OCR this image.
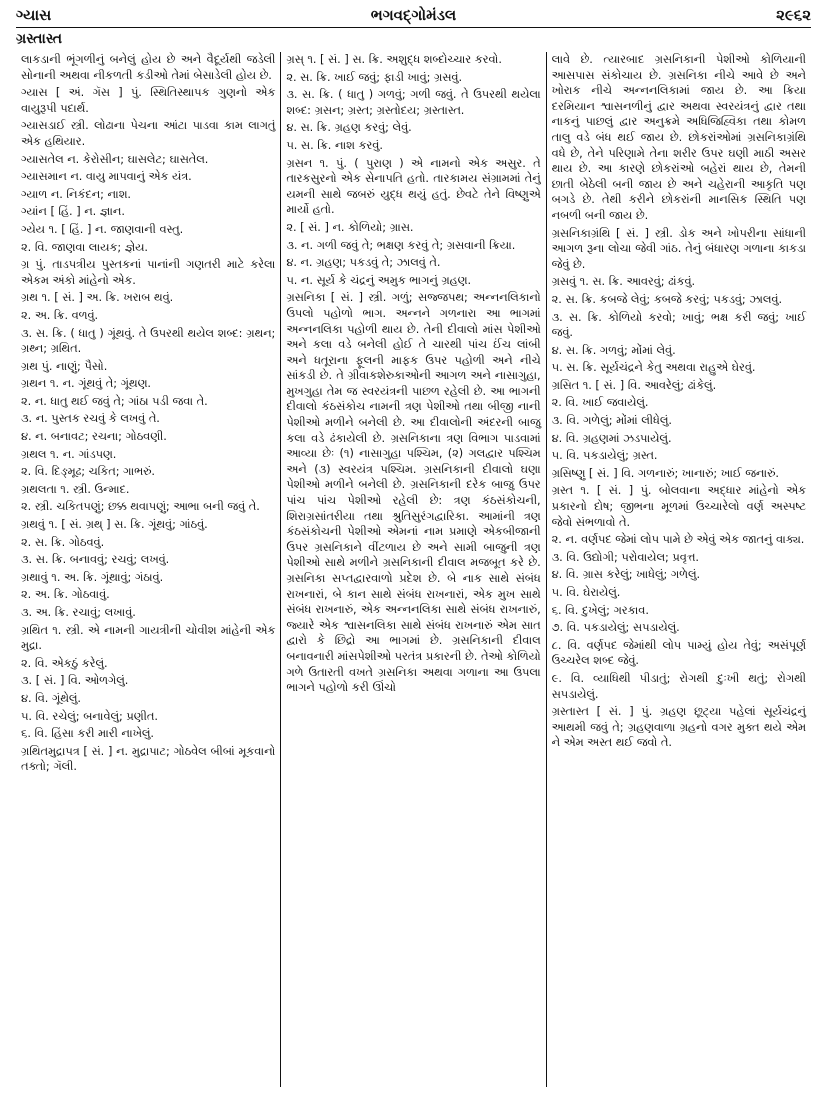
ગ્યાસ	ભગવદ્ગોમંડલ	૨૯૬૨
ગ્રસ્તાસ્ત

લાકડાની ભૂંગળીનું બનેલું હોય છે અને વૈદૂર્યથી જડેલી સોનાની અથવા નીકળતી કડીઓ તેમાં બેસાડેલી હોય છે.

ગ્યાસ [ અં. ગૅસ ] પું. સ્થિતિસ્થાપક ગુણનો એક વાયુરૂપી પદાર્થ.

ગ્યાસડાઈ સ્ત્રી. લોઢાના પેચના આંટા પાડવા કામ લાગતું એક હથિયાર.

ગ્યાસતેલ ન. કેરોસીન; ઘાસલેટ; ઘાસતેલ.

ગ્યાસમાન ન. વાયુ માપવાનું એક યંત્ર.

ગ્યાળ ન. નિકંદન; નાશ.

ગ્યાંન [ હિં. ] ન. જ્ઞાન.

ગ્યેય ૧. [ હિં. ] ન. જાણવાની વસ્તુ.

૨. વિ. જાણવા લાયક; જ્ઞેય.

ગ્ર પું. તાડપત્રીય પુસ્તકનાં પાનાંની ગણતરી માટે કરેલા એકમ અંકો માંહેનો એક.

ગ્રથ ૧. [ સં. ] અ. ક્રિ. ખરાબ થવું.

૨. અ. ક્રિ. વળવું.

૩. સ. ક્રિ. ( ધાતુ ) ગૂંથવું. તે ઉપરથી થયેલ શબ્દ: ગ્રથન; ગ્રથ્ન; ગ્રથિત.

ગ્રથ પું. નાણું; પૈસો.

ગ્રથન ૧. ન. ગૂંથવું તે; ગૂંથણ.

૨. ન. ધાતુ થઈ જવું તે; ગાંઠા પડી જવા તે.

૩. ન. પુસ્તક રચવું કે લખવું તે.

૪. ન. બનાવટ; રચના; ગોઠવણી.

ગ્રથલ ૧. ન. ગાંડપણ.

૨. વિ. દિઙ્મૂઢ; ચકિત; ગાભરું.

ગ્રથલતા ૧. સ્ત્રી. ઉન્માદ.

૨. સ્ત્રી. ચકિતપણું; છક્ક થવાપણું; આભા બની જવું તે.

ગ્રથવું ૧. [ સં. ગ્રથ્ ] સ. ક્રિ. ગૂંથવું; ગાંઠવું.

૨. સ. ક્રિ. ગોઠવવું.

૩. સ. ક્રિ. બનાવવું; રચવું; લખવું.

ગ્રથાવું ૧. અ. ક્રિ. ગૂંથાવું; ગંઠાવું.

૨. અ. ક્રિ. ગોઠવાવું.

૩. અ. ક્રિ. રચાવું; લખાવું.

ગ્રથિત ૧. સ્ત્રી. એ નામની ગાયત્રીની ચોવીશ માંહેની એક મુદ્રા.

૨. વિ. એકઠું કરેલું.

૩. [ સં. ] વિ. ઓળગેલું.

૪. વિ. ગૂંથેલું.

૫. વિ. રચેલું; બનાવેલું; પ્રણીત.

૬. વિ. હિંસા કરી મારી નાખેલું.

ગ્રથિતમુદ્રાપત્ર [ સં. ] ન. મુદ્રાપાટ; ગોઠવેલ બીબાં મૂકવાનો તક્તો; ગૅલી.

ગ્રસ્ ૧. [ સં. ] સ. ક્રિ. અશુદ્ધ શબ્દોચ્ચાર કરવો.

૨. સ. ક્રિ. ખાઈ જવું; ફાડી ખાવું; ગ્રસવું.

૩. સ. ક્રિ. ( ધાતુ ) ગળવું; ગળી જવું. તે ઉપરથી થયેલા શબ્દ: ગ્રસન; ગ્રસ્ત; ગ્રસ્તોદય; ગ્રસ્તાસ્ત.

૪. સ. ક્રિ. ગ્રહણ કરવું; લેવું.

૫. સ. ક્રિ. નાશ કરવું.

ગ્રસન ૧. પું. ( પુરાણ ) એ નામનો એક અસુર. તે તારકસુરનો એક સેનાપતિ હતો. તારકામય સંગ્રામમાં તેનું યમની સાથે જબરું યુદ્ધ થયું હતું. છેવટે તેને વિષ્ણુએ માર્યો હતો.

૨. [ સં. ] ન. કોળિયો; ગ્રાસ.

૩. ન. ગળી જવું તે; ભક્ષણ કરવું તે; ગ્રસવાની ક્રિયા.

૪. ન. ગ્રહણ; પકડવું તે; ઝાલવું તે.

૫. ન. સૂર્ય કે ચંદ્રનું અમુક ભાગનું ગ્રહણ.

ગ્રસનિકા [ સં. ] સ્ત્રી. ગળું; સજ્જપથ; અન્નનલિકાનો ઉપલો પહોળો ભાગ. અન્નને ગળનારા આ ભાગમાં અન્નનલિકા પહોળી થાય છે. તેની દીવાલો માંસ પેશીઓ અને કલા વડે બનેલી હોઈ તે ચારથી પાંચ ઈંચ લાંબી અને ધતૂરાના ફૂલની માફક ઉપર પહોળી અને નીચે સાંકડી છે. તે ગ્રીવાકશેરુકાઓની આગળ અને નાસાગુહા, મુખગુહા તેમ જ સ્વરયંત્રની પાછળ રહેલી છે. આ ભાગની દીવાલો કંઠસંકોચ નામની ત્રણ પેશીઓ તથા બીજી નાની પેશીઓ મળીને બનેલી છે. આ દીવાલોની અંદરની બાજુ કલા વડે ઢંકાયેલી છે. ગ્રસનિકાના ત્રણ વિભાગ પાડવામાં આવ્યા છેઃ (૧) નાસાગુહા પશ્ચિમ, (૨) ગલદ્વાર પશ્ચિમ અને (૩) સ્વરયંત્ર પશ્ચિમ. ગ્રસનિકાની દીવાલો ઘણા પેશીઓ મળીને બનેલી છે. ગ્રસનિકાની દરેક બાજુ ઉપર પાંચ પાંચ પેશીઓ રહેલી છે: ત્રણ કંઠસંકોચની, શિરાગ્રસાંતરીયા તથા શ્રુતિસુરંગદ્વારિકા. આમાંની ત્રણ કંઠસંકોચની પેશીઓ એમનાં નામ પ્રમાણે એકબીજાની ઉપર ગ્રસનિકાને વીંટળાય છે અને સામી બાજુની ત્રણ પેશીઓ સાથે મળીને ગ્રસનિકાની દીવાલ મજબૂત કરે છે. ગ્રસનિકા સપ્તદ્વારવાળો પ્રદેશ છે. બે નાક સાથે સંબંધ રાખનારાં, બે કાન સાથે સંબંધ રાખનારાં, એક મુખ સાથે સંબંધ રાખનારું, એક અન્નનલિકા સાથે સંબંધ રાખનારું, જ્યારે એક શ્વાસનલિકા સાથે સંબંધ રાખનારું એમ સાત દ્વારો કે છિદ્રો આ ભાગમાં છે. ગ્રસનિકાની દીવાલ બનાવનારી માંસપેશીઓ પરતંત્ર પ્રકારની છે. તેઓ કોળિયો ગળે ઉતારતી વખતે ગ્રસનિકા અથવા ગળાના આ ઉપલા ભાગને પહોળો કરી ઊંચો

લાવે છે. ત્યારબાદ ગ્રસનિકાની પેશીઓ કોળિયાની આસપાસ સંકોચાય છે. ગ્રસનિકા નીચે આવે છે અને ખોરાક નીચે અન્નનલિકામાં જાય છે. આ ક્રિયા દરમિયાન શ્વાસનળીનું દ્વાર અથવા સ્વરયંત્રનું દ્વાર તથા નાકનું પાછલું દ્વાર અનુક્રમે અધિજિહ્વિકા તથા કોમળ તાલુ વડે બંધ થઈ જાય છે. છોકરાંઓમાં ગ્રસનિકાગ્રંથિ વધે છે, તેને પરિણામે તેના શરીર ઉપર ઘણી માઠી અસર થાય છે. આ કારણે છોકરાંઓ બહેરાં થાય છે, તેમની છાતી બેઠેલી બની જાય છે અને ચહેરાની આકૃતિ પણ બગડે છે. તેથી કરીને છોકરાંની માનસિક સ્થિતિ પણ નબળી બની જાય છે.

ગ્રસનિકાગ્રંથિ [ સં. ] સ્ત્રી. ડોક અને ખોપરીના સાંધાની આગળ રૂના લોચા જેવી ગાંઠ. તેનું બંધારણ ગળાના કાકડા જેવું છે.

ગ્રસવું ૧. સ. ક્રિ. આવરવું; ઢાંકવું.

૨. સ. ક્રિ. કબજે લેવું; કબજે કરવું; પકડવું; ઝાલવું.

૩. સ. ક્રિ. કોળિયો કરવો; ખાવું; ભક્ષ કરી જવું; ખાઈ જવું.

૪. સ. ક્રિ. ગળવું; મોંમાં લેવું.

૫. સ. ક્રિ. સૂર્યચંદ્રને કેતુ અથવા રાહુએ ઘેરવું.

ગ્રસિત ૧. [ સં. ] વિ. આવરેલું; ઢાંકેલું.

૨. વિ. ખાઈ જવાયેલું.

૩. વિ. ગળેલું; મોંમાં લીધેલું.

૪. વિ. ગ્રહણમાં ઝડપાયેલું.

૫. વિ. પકડાયેલું; ગ્રસ્ત.

ગ્રસિષ્ણુ [ સં. ] વિ. ગળનારું; ખાનારું; ખાઈ જનારું.

ગ્રસ્ત ૧. [ સં. ] પું. બોલવાના અદ્ધાર માંહેનો એક પ્રકારનો દોષ; જીભના મૂળમાં ઉચ્ચારેલો વર્ણ અસ્પષ્ટ જેવો સંભળાવો તે.

૨. ન. વર્ણપદ જેમાં લોપ પામે છે એવું એક જાતનું વાક્ય.

૩. વિ. ઉદ્યોગી; પરોવાયેલ; પ્રવૃત્ત.

૪. વિ. ગ્રાસ કરેલું; ખાધેલું; ગળેલું.

૫. વિ. ઘેરાયેલું.

૬. વિ. દુખેલું; ગરકાવ.

૭. વિ. પકડાયેલું; સપડાયેલું.

૮. વિ. વર્ણપદ જેમાંથી લોપ પામ્યું હોય તેવું; અસંપૂર્ણ ઉચ્ચરેલ શબ્દ જેવું.

૯. વિ. વ્યાધિથી પીડાતું; રોગથી દુઃખી થતું; રોગથી સપડાયેલું.

ગ્રસ્તાસ્ત [ સં. ] પું. ગ્રહણ છૂટ્યા પહેલાં સૂર્યચંદ્રનું આથમી જવું તે; ગ્રહણવાળા ગ્રહનો વગર મુક્ત થયે એમ ને એમ અસ્ત થઈ જવો તે.
